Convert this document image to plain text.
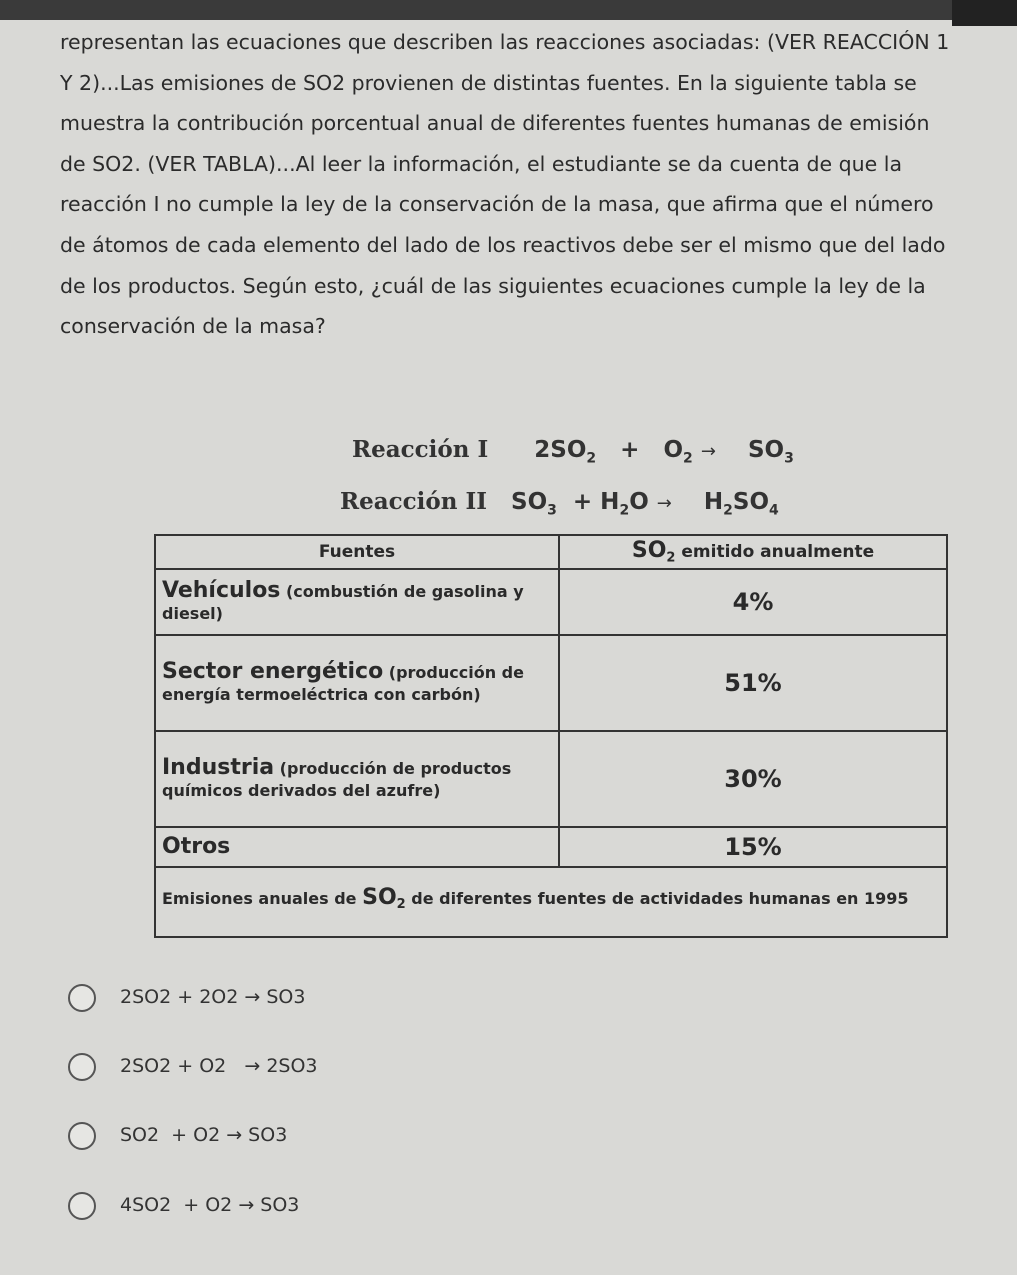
representan las ecuaciones que describen las reacciones asociadas: (VER REACCIÓN 1 Y 2)...Las emisiones de SO2 provienen de distintas fuentes. En la siguiente tabla se muestra la contribución porcentual anual de diferentes fuentes humanas de emisión de SO2. (VER TABLA)...Al leer la información, el estudiante se da cuenta de que la reacción I no cumple la ley de la conservación de la masa, que afirma que el número de átomos de cada elemento del lado de los reactivos debe ser el mismo que del lado de los productos. Según esto, ¿cuál de las siguientes ecuaciones cumple la ley de la conservación de la masa?

Reacción I $2SO_2 + O_2 \to SO_3$
Reacción II $SO_3 + H_2O \to H_2SO_4$
Fuentes	$SO_2$ emitido anualmente
Vehículos (combustión de gasolina y diesel)	4%
Sector energético (producción de energía termoeléctrica con carbón)	51%
Industria (producción de productos químicos derivados del azufre)	30%
Otros	15%
Emisiones anuales de $SO_2$ de diferentes fuentes de actividades humanas en 1995	
2SO2 + 2O2 → SO3
2SO2 + O2   → 2SO3
SO2  + O2 → SO3
4SO2  + O2 → SO3
